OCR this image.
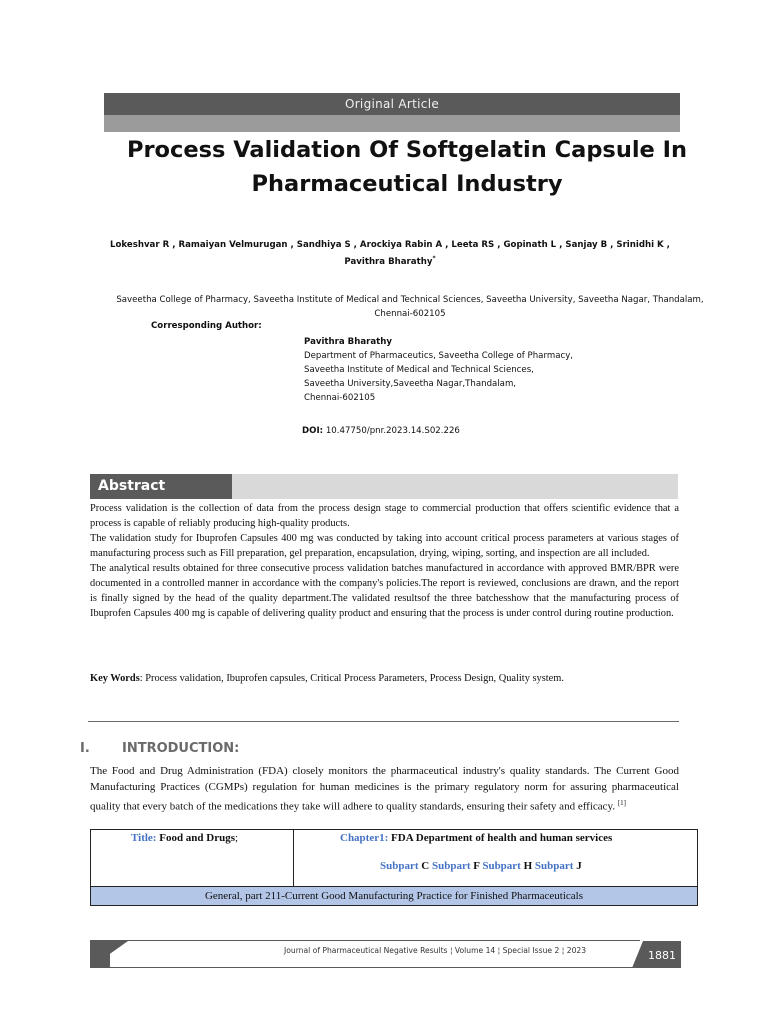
Original Article
Process Validation Of Softgelatin Capsule In Pharmaceutical Industry
Lokeshvar R , Ramaiyan Velmurugan , Sandhiya S , Arockiya Rabin A , Leeta RS , Gopinath L , Sanjay B , Srinidhi K ,
Pavithra Bharathy*
Saveetha College of Pharmacy, Saveetha Institute of Medical and Technical Sciences, Saveetha University, Saveetha Nagar, Thandalam,
Chennai-602105
Corresponding Author:
Pavithra Bharathy
Department of Pharmaceutics, Saveetha College of Pharmacy,
Saveetha Institute of Medical and Technical Sciences,
Saveetha University,Saveetha Nagar,Thandalam,
Chennai-602105
DOI: 10.47750/pnr.2023.14.S02.226
Abstract

Process validation is the collection of data from the process design stage to commercial production that offers scientific evidence that a process is capable of reliably producing high-quality products.

The validation study for Ibuprofen Capsules 400 mg was conducted by taking into account critical process parameters at various stages of manufacturing process such as Fill preparation, gel preparation, encapsulation, drying, wiping, sorting, and inspection are all included.

The analytical results obtained for three consecutive process validation batches manufactured in accordance with approved BMR/BPR were documented in a controlled manner in accordance with the company's policies.The report is reviewed, conclusions are drawn, and the report is finally signed by the head of the quality department.The validated resultsof the three batchesshow that the manufacturing process of Ibuprofen Capsules 400 mg is capable of delivering quality product and ensuring that the process is under control during routine production.

Key Words: Process validation, Ibuprofen capsules, Critical Process Parameters, Process Design, Quality system.
I. INTRODUCTION:
The Food and Drug Administration (FDA) closely monitors the pharmaceutical industry's quality standards. The Current Good Manufacturing Practices (CGMPs) regulation for human medicines is the primary regulatory norm for assuring pharmaceutical quality that every batch of the medications they take will adhere to quality standards, ensuring their safety and efficacy. [1]
Title: Food and Drugs;	Chapter1: FDA Department of health and human services
Subpart C Subpart F Subpart H Subpart J
General, part 211-Current Good Manufacturing Practice for Finished Pharmaceuticals
Journal of Pharmaceutical Negative Results ¦ Volume 14 ¦ Special Issue 2 ¦ 2023	1881
